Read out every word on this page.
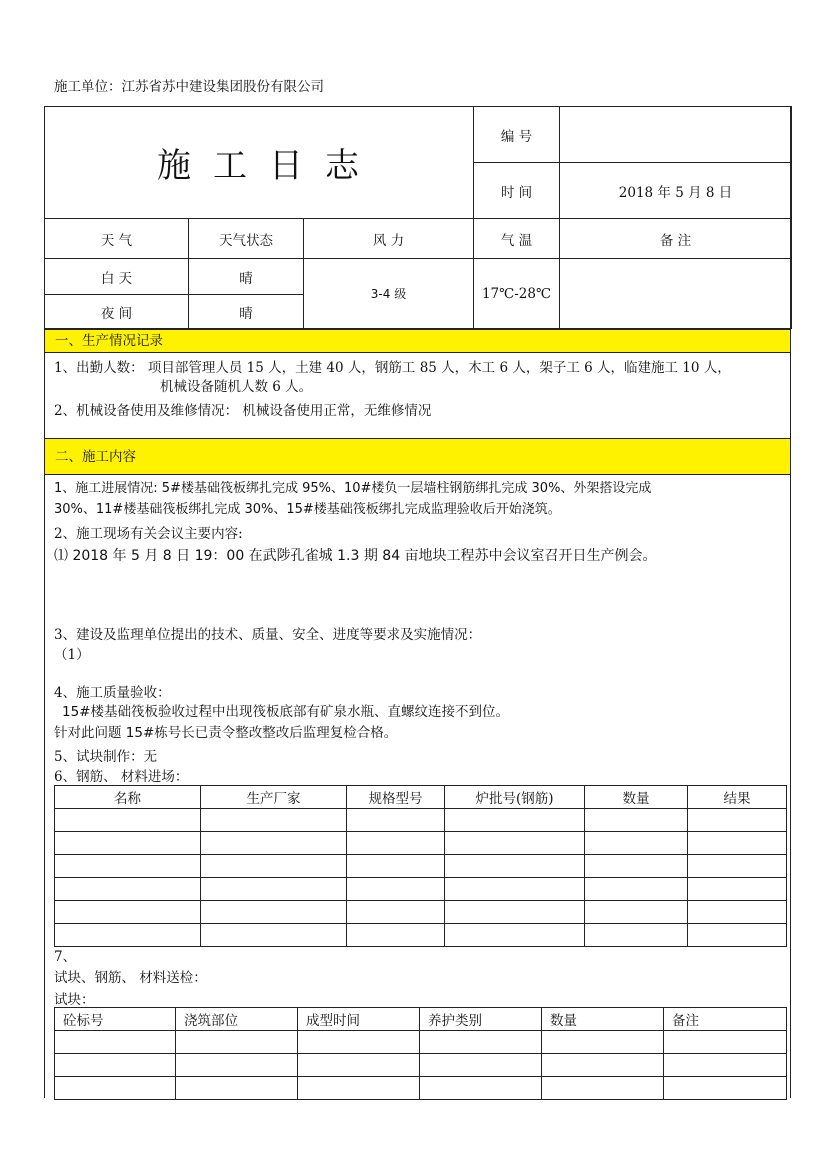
施工单位：江苏省苏中建设集团股份有限公司
施工日志			编 号	
			时 间	2018 年 5 月 8 日
天 气	天气状态	风 力	气 温	备 注
白 天	晴	3-4 级	17℃-28℃	
夜 间	晴			
一、生产情况记录
1、出勤人数： 项目部管理人员 15 人，土建 40 人，钢筋工 85 人，木工 6 人，架子工 6 人，临建施工 10 人，
机械设备随机人数 6 人。
2、机械设备使用及维修情况： 机械设备使用正常，无维修情况
二、施工内容
1、施工进展情况: 5#楼基础筏板绑扎完成 95%、10#楼负一层墙柱钢筋绑扎完成 30%、外架搭设完成
30%、11#楼基础筏板绑扎完成 30%、15#楼基础筏板绑扎完成监理验收后开始浇筑。
2、施工现场有关会议主要内容:
⑴ 2018 年 5 月 8 日 19：00 在武陟孔雀城 1.3 期 84 亩地块工程苏中会议室召开日生产例会。
3、建设及监理单位提出的技术、质量、安全、进度等要求及实施情况：
（1）
4、施工质量验收：
15#楼基础筏板验收过程中出现筏板底部有矿泉水瓶、直螺纹连接不到位。
针对此问题 15#栋号长已责令整改整改后监理复检合格。
5、试块制作：无
6、钢筋、 材料进场：
名称	生产厂家	规格型号	炉批号(钢筋)	数量	结果

7、
试块、钢筋、 材料送检：
试块：
砼标号	浇筑部位	成型时间	养护类别	数量	备注
